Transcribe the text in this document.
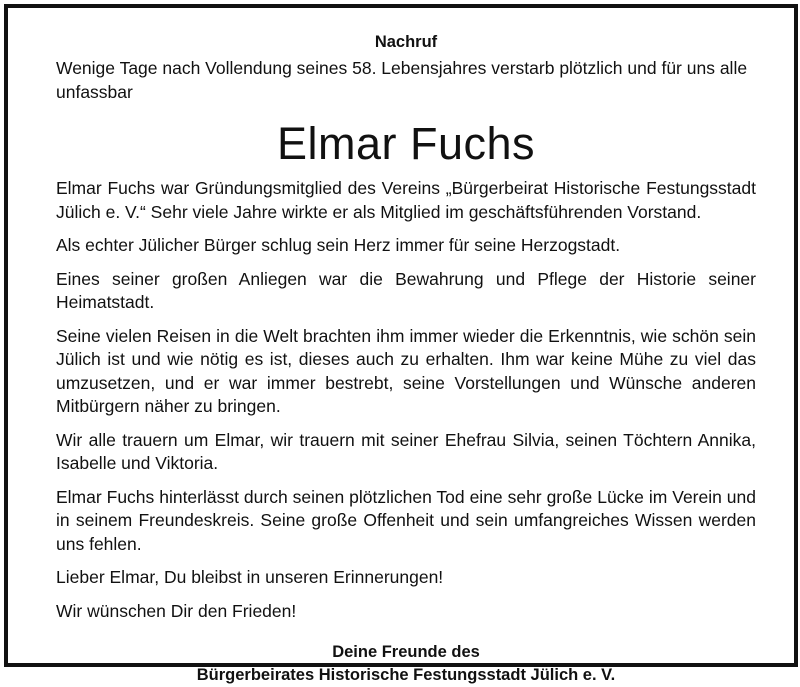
Nachruf

Wenige Tage nach Vollendung seines 58. Lebensjahres verstarb plötzlich und für uns alle unfassbar

Elmar Fuchs

Elmar Fuchs war Gründungsmitglied des Vereins „Bürgerbeirat Historische Festungsstadt Jülich e. V.“ Sehr viele Jahre wirkte er als Mitglied im geschäftsführenden Vorstand.

Als echter Jülicher Bürger schlug sein Herz immer für seine Herzogstadt.

Eines seiner großen Anliegen war die Bewahrung und Pflege der Historie seiner Heimatstadt.

Seine vielen Reisen in die Welt brachten ihm immer wieder die Erkenntnis, wie schön sein Jülich ist und wie nötig es ist, dieses auch zu erhalten. Ihm war keine Mühe zu viel das umzusetzen, und er war immer bestrebt, seine Vorstellungen und Wünsche anderen Mitbürgern näher zu bringen.

Wir alle trauern um Elmar, wir trauern mit seiner Ehefrau Silvia, seinen Töchtern Annika, Isabelle und Viktoria.

Elmar Fuchs hinterlässt durch seinen plötzlichen Tod eine sehr große Lücke im Verein und in seinem Freundeskreis. Seine große Offenheit und sein umfangreiches Wissen werden uns fehlen.

Lieber Elmar, Du bleibst in unseren Erinnerungen!

Wir wünschen Dir den Frieden!

Deine Freunde des

Bürgerbeirates Historische Festungsstadt Jülich e. V.
